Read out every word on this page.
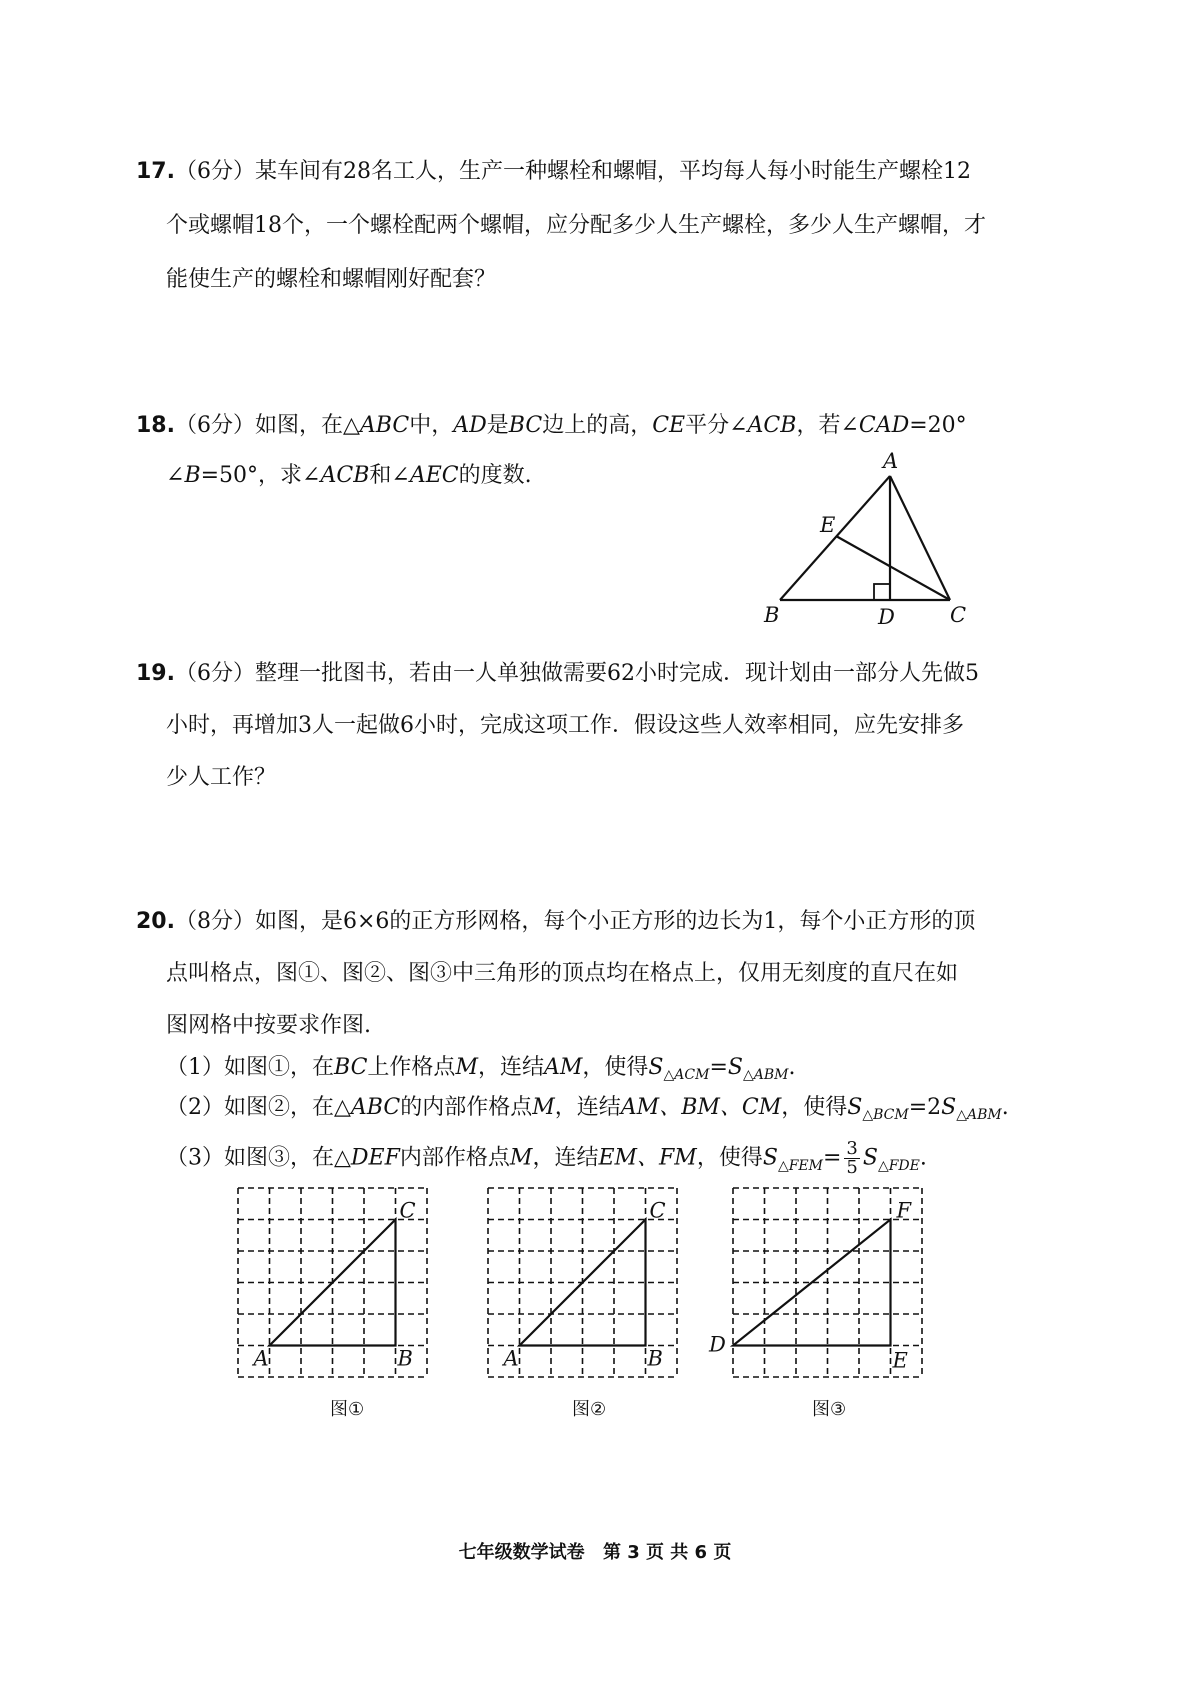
17.（6分）某车间有28名工人，生产一种螺栓和螺帽，平均每人每小时能生产螺栓12
个或螺帽18个，一个螺栓配两个螺帽，应分配多少人生产螺栓，多少人生产螺帽，才
能使生产的螺栓和螺帽刚好配套？
18.（6分）如图，在△ABC中，AD是BC边上的高，CE平分∠ACB，若∠CAD=20°
∠B=50°，求∠ACB和∠AEC的度数.
A
B	C
D
E
19.（6分）整理一批图书，若由一人单独做需要62小时完成．现计划由一部分人先做5
小时，再增加3人一起做6小时，完成这项工作．假设这些人效率相同，应先安排多
少人工作？
20.（8分）如图，是6×6的正方形网格，每个小正方形的边长为1，每个小正方形的顶
点叫格点，图①、图②、图③中三角形的顶点均在格点上，仅用无刻度的直尺在如
图网格中按要求作图.
（1）如图①，在BC上作格点M，连结AM，使得$S_{\triangle ACM}=S_{\triangle ABM}$.
（2）如图②，在△ABC的内部作格点M，连结AM、BM、CM，使得$S_{\triangle BCM}=2S_{\triangle ABM}$.
（3）如图③，在△DEF内部作格点M，连结EM、FM，使得$S_{\triangle FEM}= \frac{3}{5} S_{\triangle FDE}$.
A	B
C
A	B
C
D
E
F
图①	图②	图③
七年级数学试卷 第 3 页 共 6 页
